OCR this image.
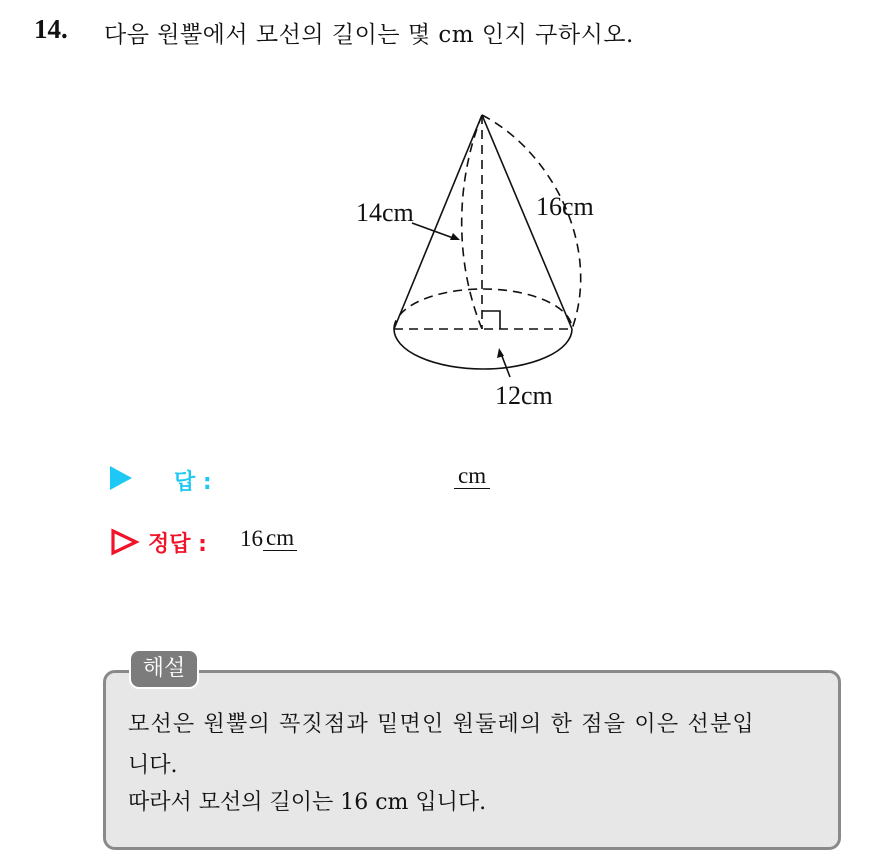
14. 다음 원뿔에서 모선의 길이는 몇 cm 인지 구하시오.
14cm	16cm
12cm
답 :	cm
정답 : 16 cm
해설
모선은 원뿔의 꼭짓점과 밑면인 원둘레의 한 점을 이은 선분입
니다.
따라서 모선의 길이는 16 cm 입니다.
